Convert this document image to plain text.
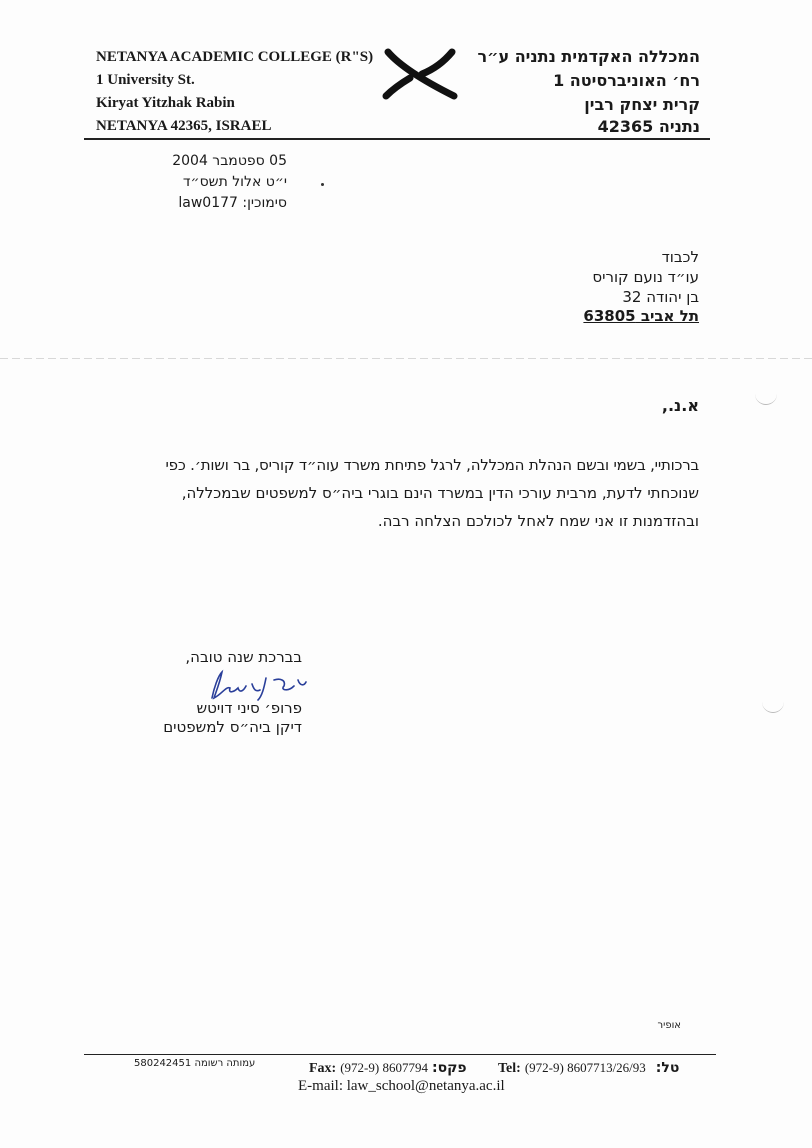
NETANYA ACADEMIC COLLEGE (R"S)
1 University St.
Kiryat Yitzhak Rabin
NETANYA 42365, ISRAEL
המכללה האקדמית נתניה ע״ר
רח׳ האוניברסיטה 1
קרית יצחק רבין
נתניה 42365
05 ספטמבר 2004
י״ט אלול תשס״ד
סימוכין: law0177
לכבוד
עו״ד נועם קוריס
בן יהודה 32
תל אביב 63805
א.נ.,
ברכותיי, בשמי ובשם הנהלת המכללה, לרגל פתיחת משרד עוה״ד קוריס, בר ושות׳. כפי
שנוכחתי לדעת, מרבית עורכי הדין במשרד הינם בוגרי ביה״ס למשפטים שבמכללה,
ובהזדמנות זו אני שמח לאחל לכולכם הצלחה רבה.
בברכת שנה טובה,
פרופ׳ סיני דויטש
דיקן ביה״ס למשפטים
אופיר
עמותה רשומה 580242451	Fax: (972-9) 8607794 פקס: Tel: (972-9) 8607713/26/93 טל:
E-mail: law_school@netanya.ac.il
